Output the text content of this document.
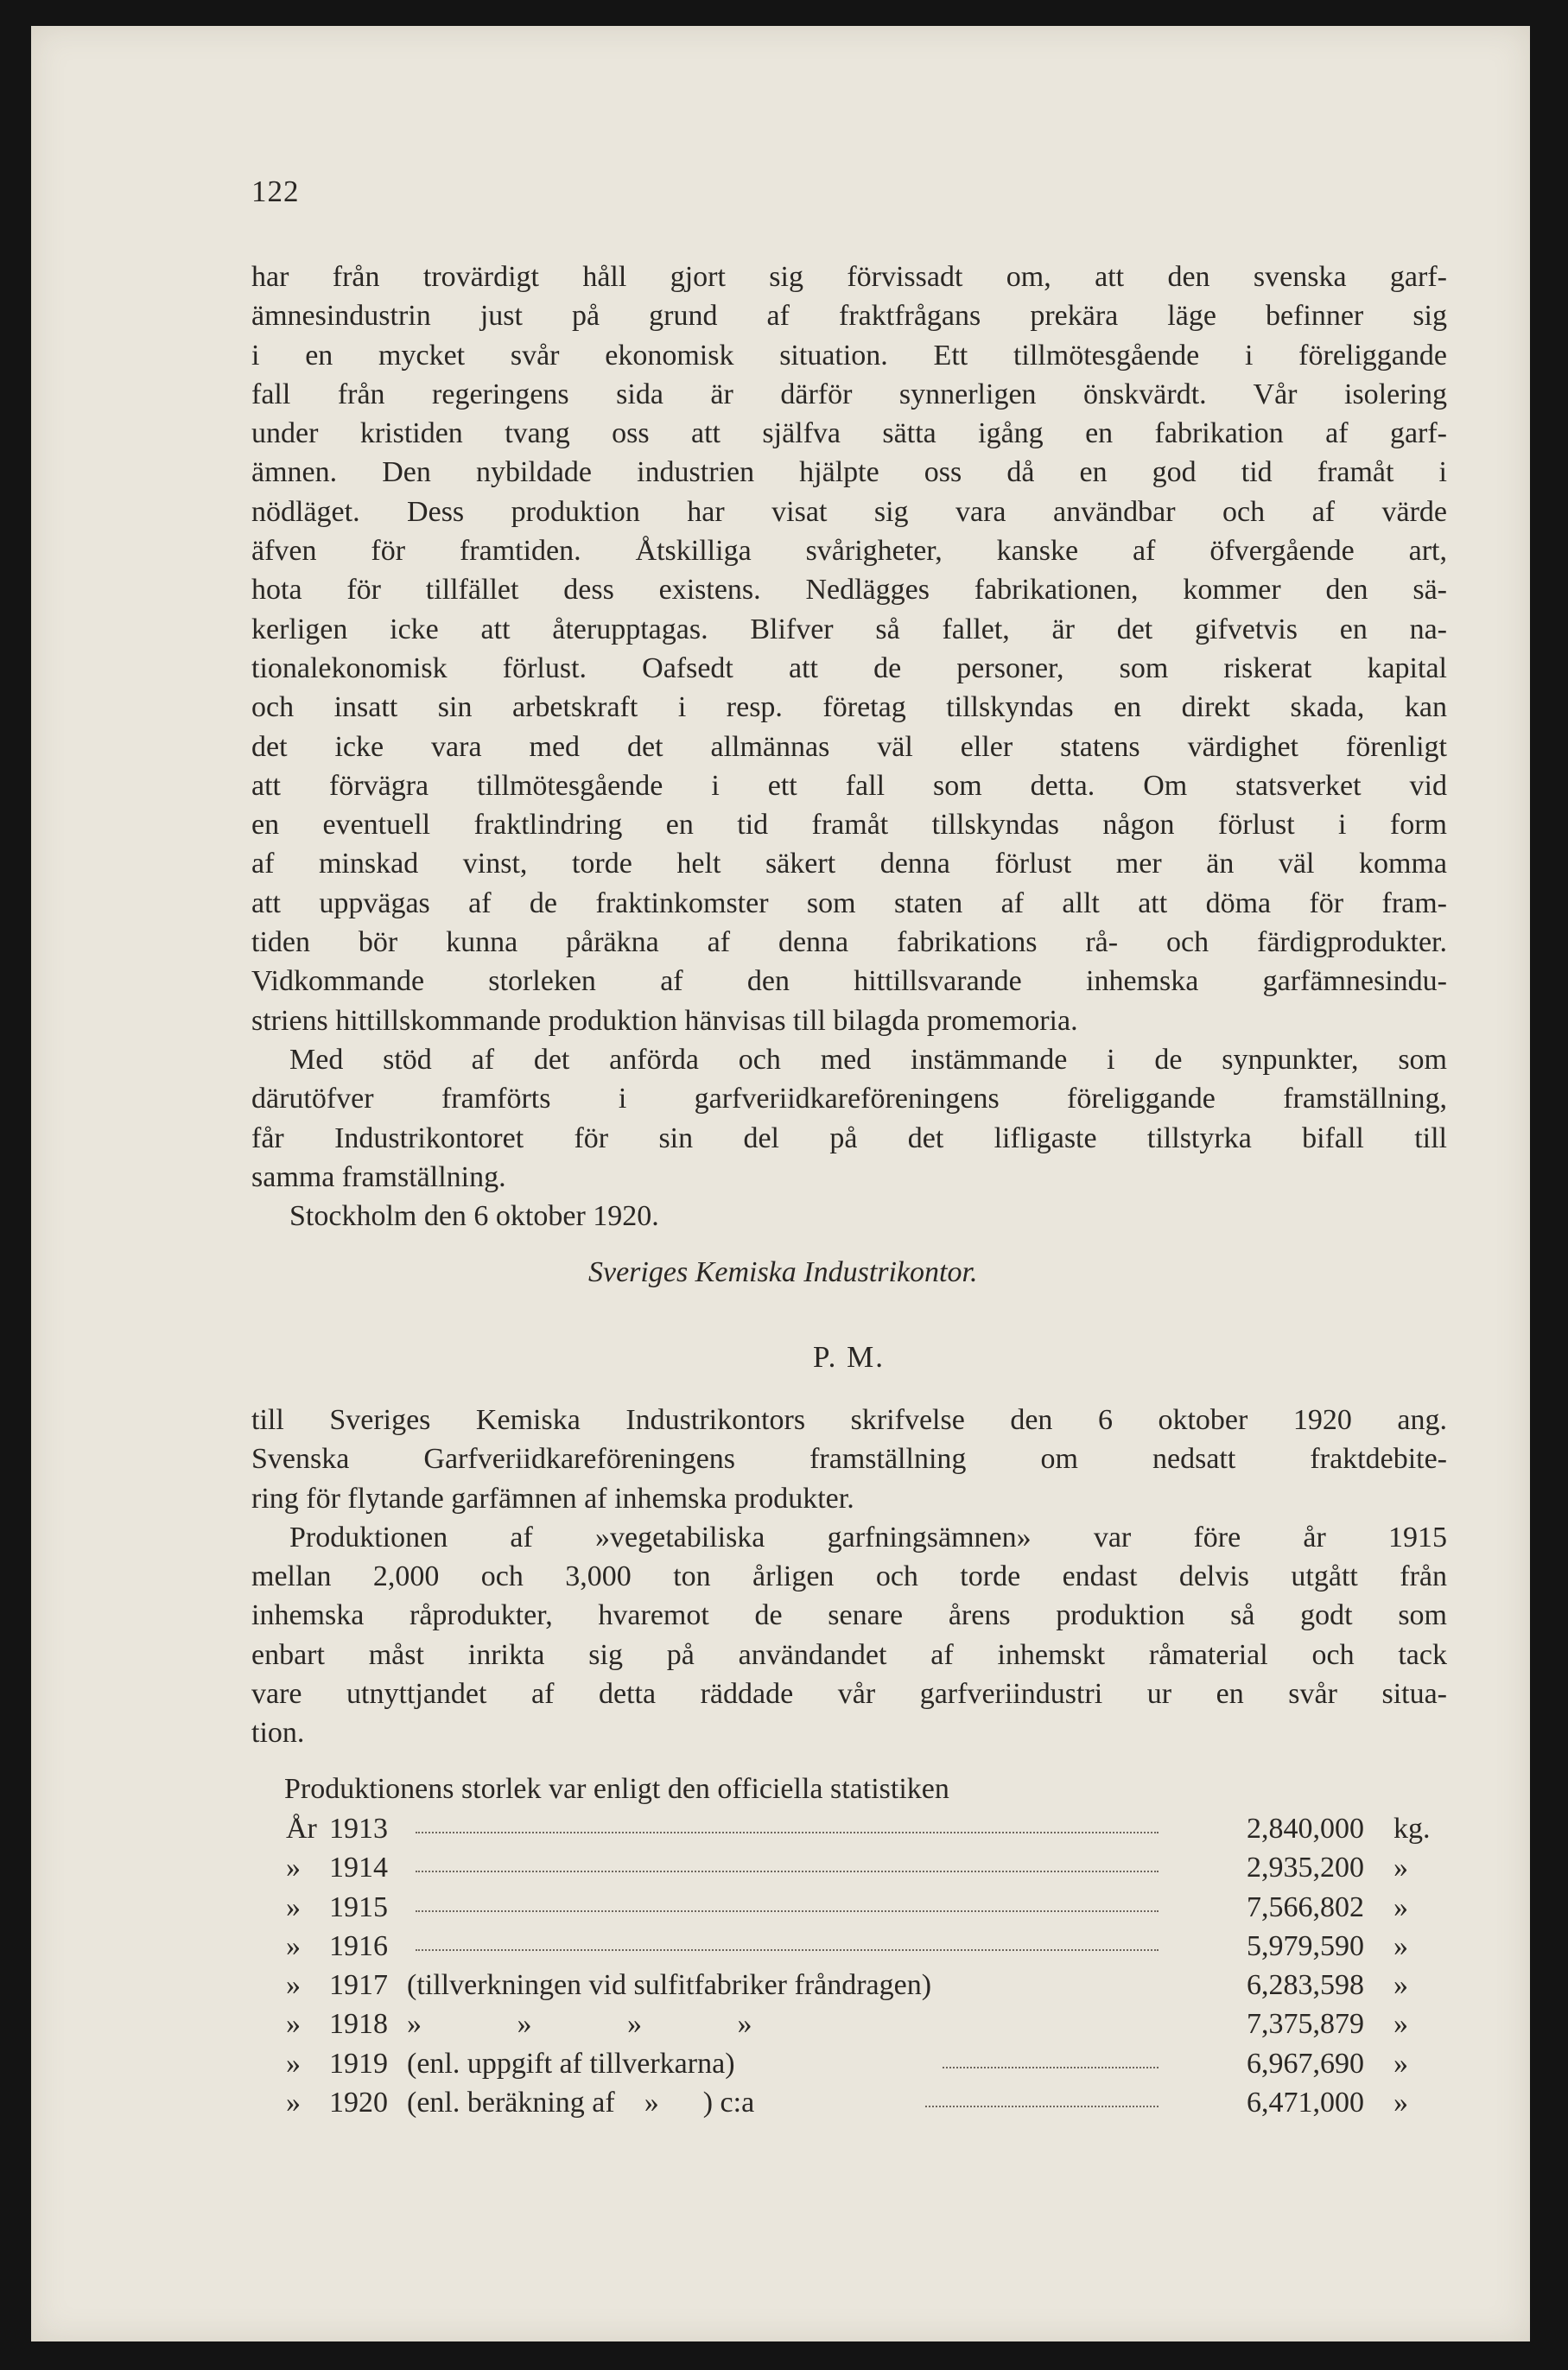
122
har från trovärdigt håll gjort sig förvissadt om, att den svenska garf-
ämnesindustrin just på grund af fraktfrågans prekära läge befinner sig
i en mycket svår ekonomisk situation. Ett tillmötesgående i föreliggande
fall från regeringens sida är därför synnerligen önskvärdt. Vår isolering
under kristiden tvang oss att själfva sätta igång en fabrikation af garf-
ämnen. Den nybildade industrien hjälpte oss då en god tid framåt i
nödläget. Dess produktion har visat sig vara användbar och af värde
äfven för framtiden. Åtskilliga svårigheter, kanske af öfvergående art,
hota för tillfället dess existens. Nedlägges fabrikationen, kommer den sä-
kerligen icke att återupptagas. Blifver så fallet, är det gifvetvis en na-
tionalekonomisk förlust. Oafsedt att de personer, som riskerat kapital
och insatt sin arbetskraft i resp. företag tillskyndas en direkt skada, kan
det icke vara med det allmännas väl eller statens värdighet förenligt
att förvägra tillmötesgående i ett fall som detta. Om statsverket vid
en eventuell fraktlindring en tid framåt tillskyndas någon förlust i form
af minskad vinst, torde helt säkert denna förlust mer än väl komma
att uppvägas af de fraktinkomster som staten af allt att döma för fram-
tiden bör kunna påräkna af denna fabrikations rå- och färdigprodukter.
Vidkommande storleken af den hittillsvarande inhemska garfämnesindu-
striens hittillskommande produktion hänvisas till bilagda promemoria.
Med stöd af det anförda och med instämmande i de synpunkter, som
därutöfver framförts i garfveriidkareföreningens föreliggande framställning,
får Industrikontoret för sin del på det lifligaste tillstyrka bifall till
samma framställning.
Stockholm den 6 oktober 1920.
Sveriges Kemiska Industrikontor.
P. M.
till Sveriges Kemiska Industrikontors skrifvelse den 6 oktober 1920 ang.
Svenska Garfveriidkareföreningens framställning om nedsatt fraktdebite-
ring för flytande garfämnen af inhemska produkter.
Produktionen af »vegetabiliska garfningsämnen» var före år 1915
mellan 2,000 och 3,000 ton årligen och torde endast delvis utgått från
inhemska råprodukter, hvaremot de senare årens produktion så godt som
enbart måst inrikta sig på användandet af inhemskt råmaterial och tack
vare utnyttjandet af detta räddade vår garfveriindustri ur en svår situa-
tion.
Produktionens storlek var enligt den officiella statistiken
År 1913	2,840,000 kg.
» 1914	2,935,200 »
» 1915	7,566,802 »
» 1916	5,979,590 »
» 1917 (tillverkningen vid sulfitfabriker fråndragen)	6,283,598 »
» 1918 »             »             »             »	7,375,879 »
» 1919 (enl. uppgift af tillverkarna)	6,967,690 »
» 1920 (enl. beräkning af    »      ) c:a	6,471,000 »
